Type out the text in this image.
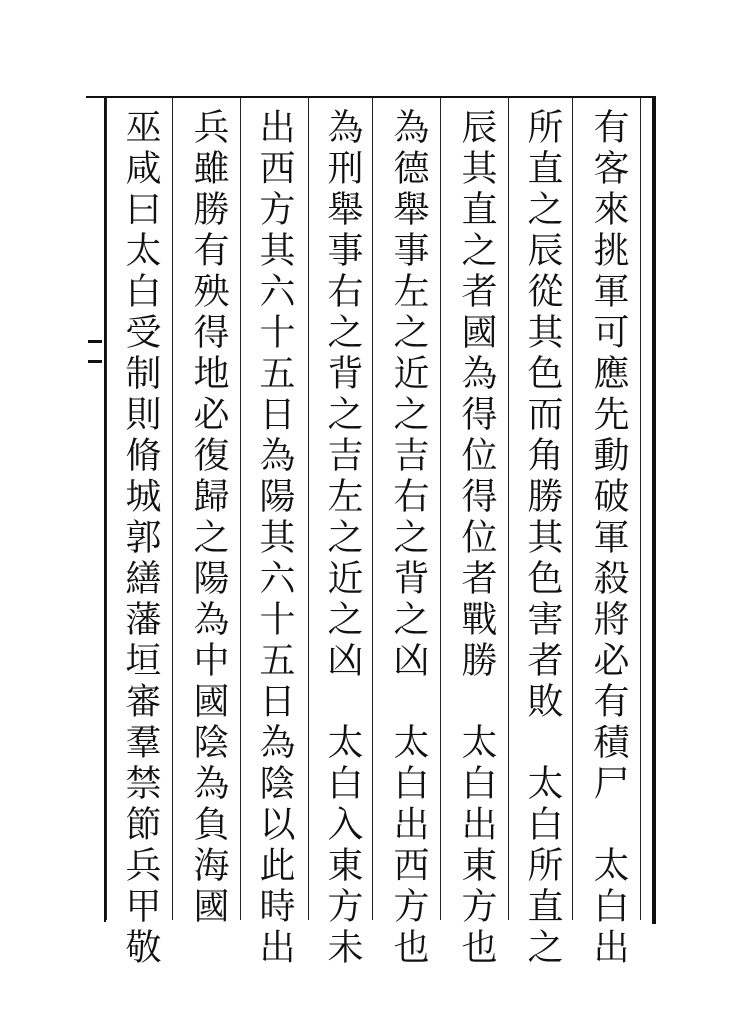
有客來挑軍可應先動破軍殺將必有積尸　太白出
所直之辰從其色而角勝其色害者敗　太白所直之
辰其直之者國為得位得位者戰勝　太白出東方也
為德舉事左之近之吉右之背之凶　太白出西方也
為刑舉事右之背之吉左之近之凶　太白入東方未
出西方其六十五日為陽其六十五日為陰以此時出
兵雖勝有殃得地必復歸之陽為中國陰為負海國
巫咸曰太白受制則脩城郭繕藩垣審羣禁節兵甲敬
